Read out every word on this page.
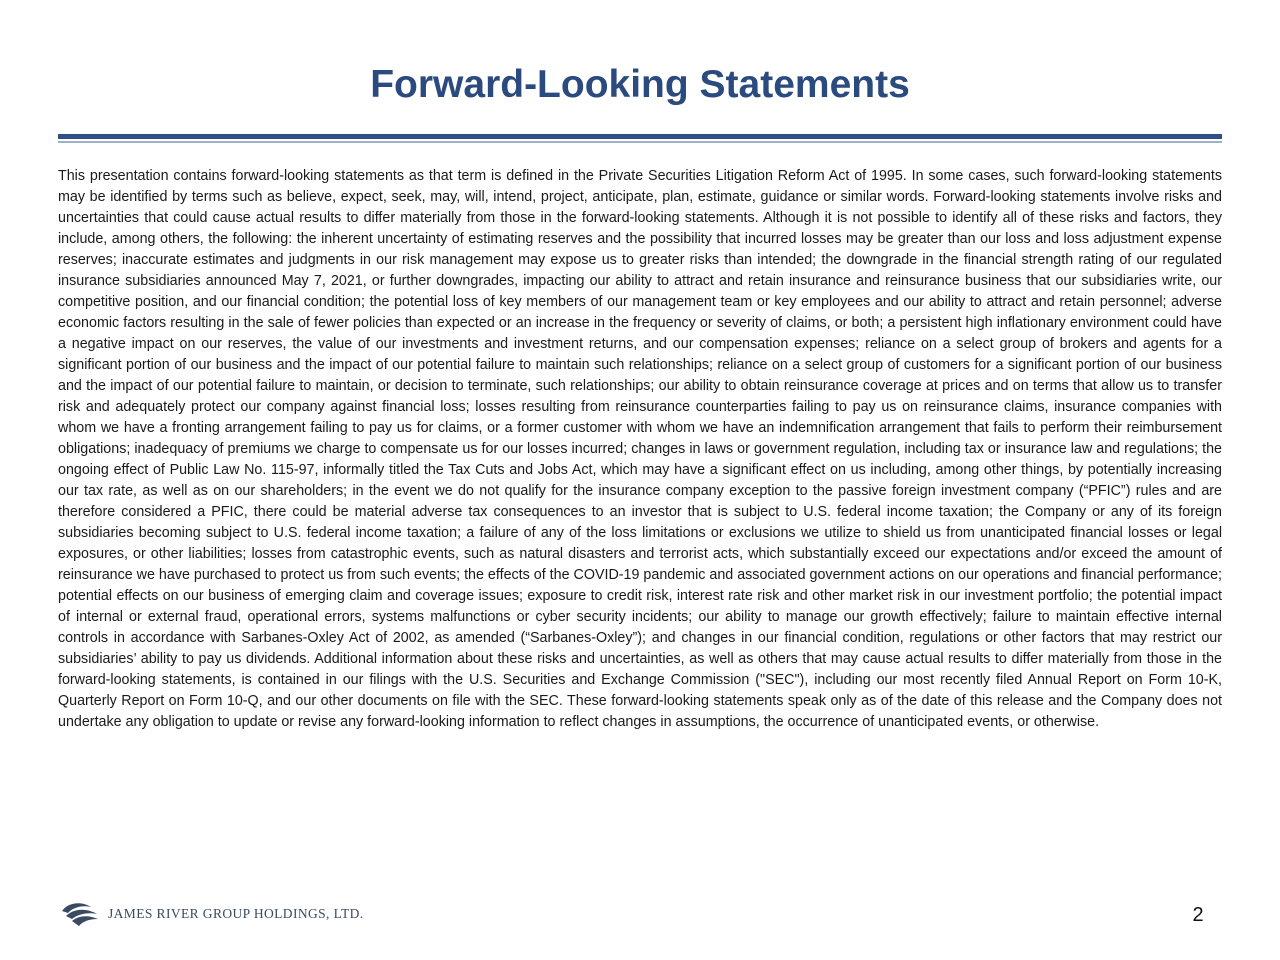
Forward-Looking Statements

This presentation contains forward-looking statements as that term is defined in the Private Securities Litigation Reform Act of 1995. In some cases, such forward-looking statements may be identified by terms such as believe, expect, seek, may, will, intend, project, anticipate, plan, estimate, guidance or similar words. Forward-looking statements involve risks and uncertainties that could cause actual results to differ materially from those in the forward-looking statements. Although it is not possible to identify all of these risks and factors, they include, among others, the following: the inherent uncertainty of estimating reserves and the possibility that incurred losses may be greater than our loss and loss adjustment expense reserves; inaccurate estimates and judgments in our risk management may expose us to greater risks than intended; the downgrade in the financial strength rating of our regulated insurance subsidiaries announced May 7, 2021, or further downgrades, impacting our ability to attract and retain insurance and reinsurance business that our subsidiaries write, our competitive position, and our financial condition; the potential loss of key members of our management team or key employees and our ability to attract and retain personnel; adverse economic factors resulting in the sale of fewer policies than expected or an increase in the frequency or severity of claims, or both; a persistent high inflationary environment could have a negative impact on our reserves, the value of our investments and investment returns, and our compensation expenses; reliance on a select group of brokers and agents for a significant portion of our business and the impact of our potential failure to maintain such relationships; reliance on a select group of customers for a significant portion of our business and the impact of our potential failure to maintain, or decision to terminate, such relationships; our ability to obtain reinsurance coverage at prices and on terms that allow us to transfer risk and adequately protect our company against financial loss; losses resulting from reinsurance counterparties failing to pay us on reinsurance claims, insurance companies with whom we have a fronting arrangement failing to pay us for claims, or a former customer with whom we have an indemnification arrangement that fails to perform their reimbursement obligations; inadequacy of premiums we charge to compensate us for our losses incurred; changes in laws or government regulation, including tax or insurance law and regulations; the ongoing effect of Public Law No. 115-97, informally titled the Tax Cuts and Jobs Act, which may have a significant effect on us including, among other things, by potentially increasing our tax rate, as well as on our shareholders; in the event we do not qualify for the insurance company exception to the passive foreign investment company (“PFIC”) rules and are therefore considered a PFIC, there could be material adverse tax consequences to an investor that is subject to U.S. federal income taxation; the Company or any of its foreign subsidiaries becoming subject to U.S. federal income taxation; a failure of any of the loss limitations or exclusions we utilize to shield us from unanticipated financial losses or legal exposures, or other liabilities; losses from catastrophic events, such as natural disasters and terrorist acts, which substantially exceed our expectations and/or exceed the amount of reinsurance we have purchased to protect us from such events; the effects of the COVID-19 pandemic and associated government actions on our operations and financial performance; potential effects on our business of emerging claim and coverage issues; exposure to credit risk, interest rate risk and other market risk in our investment portfolio; the potential impact of internal or external fraud, operational errors, systems malfunctions or cyber security incidents; our ability to manage our growth effectively; failure to maintain effective internal controls in accordance with Sarbanes-Oxley Act of 2002, as amended (“Sarbanes-Oxley”); and changes in our financial condition, regulations or other factors that may restrict our subsidiaries’ ability to pay us dividends. Additional information about these risks and uncertainties, as well as others that may cause actual results to differ materially from those in the forward-looking statements, is contained in our filings with the U.S. Securities and Exchange Commission ("SEC"), including our most recently filed Annual Report on Form 10-K, Quarterly Report on Form 10-Q, and our other documents on file with the SEC. These forward-looking statements speak only as of the date of this release and the Company does not undertake any obligation to update or revise any forward-looking information to reflect changes in assumptions, the occurrence of unanticipated events, or otherwise.

JAMES RIVER GROUP HOLDINGS, LTD.	2
